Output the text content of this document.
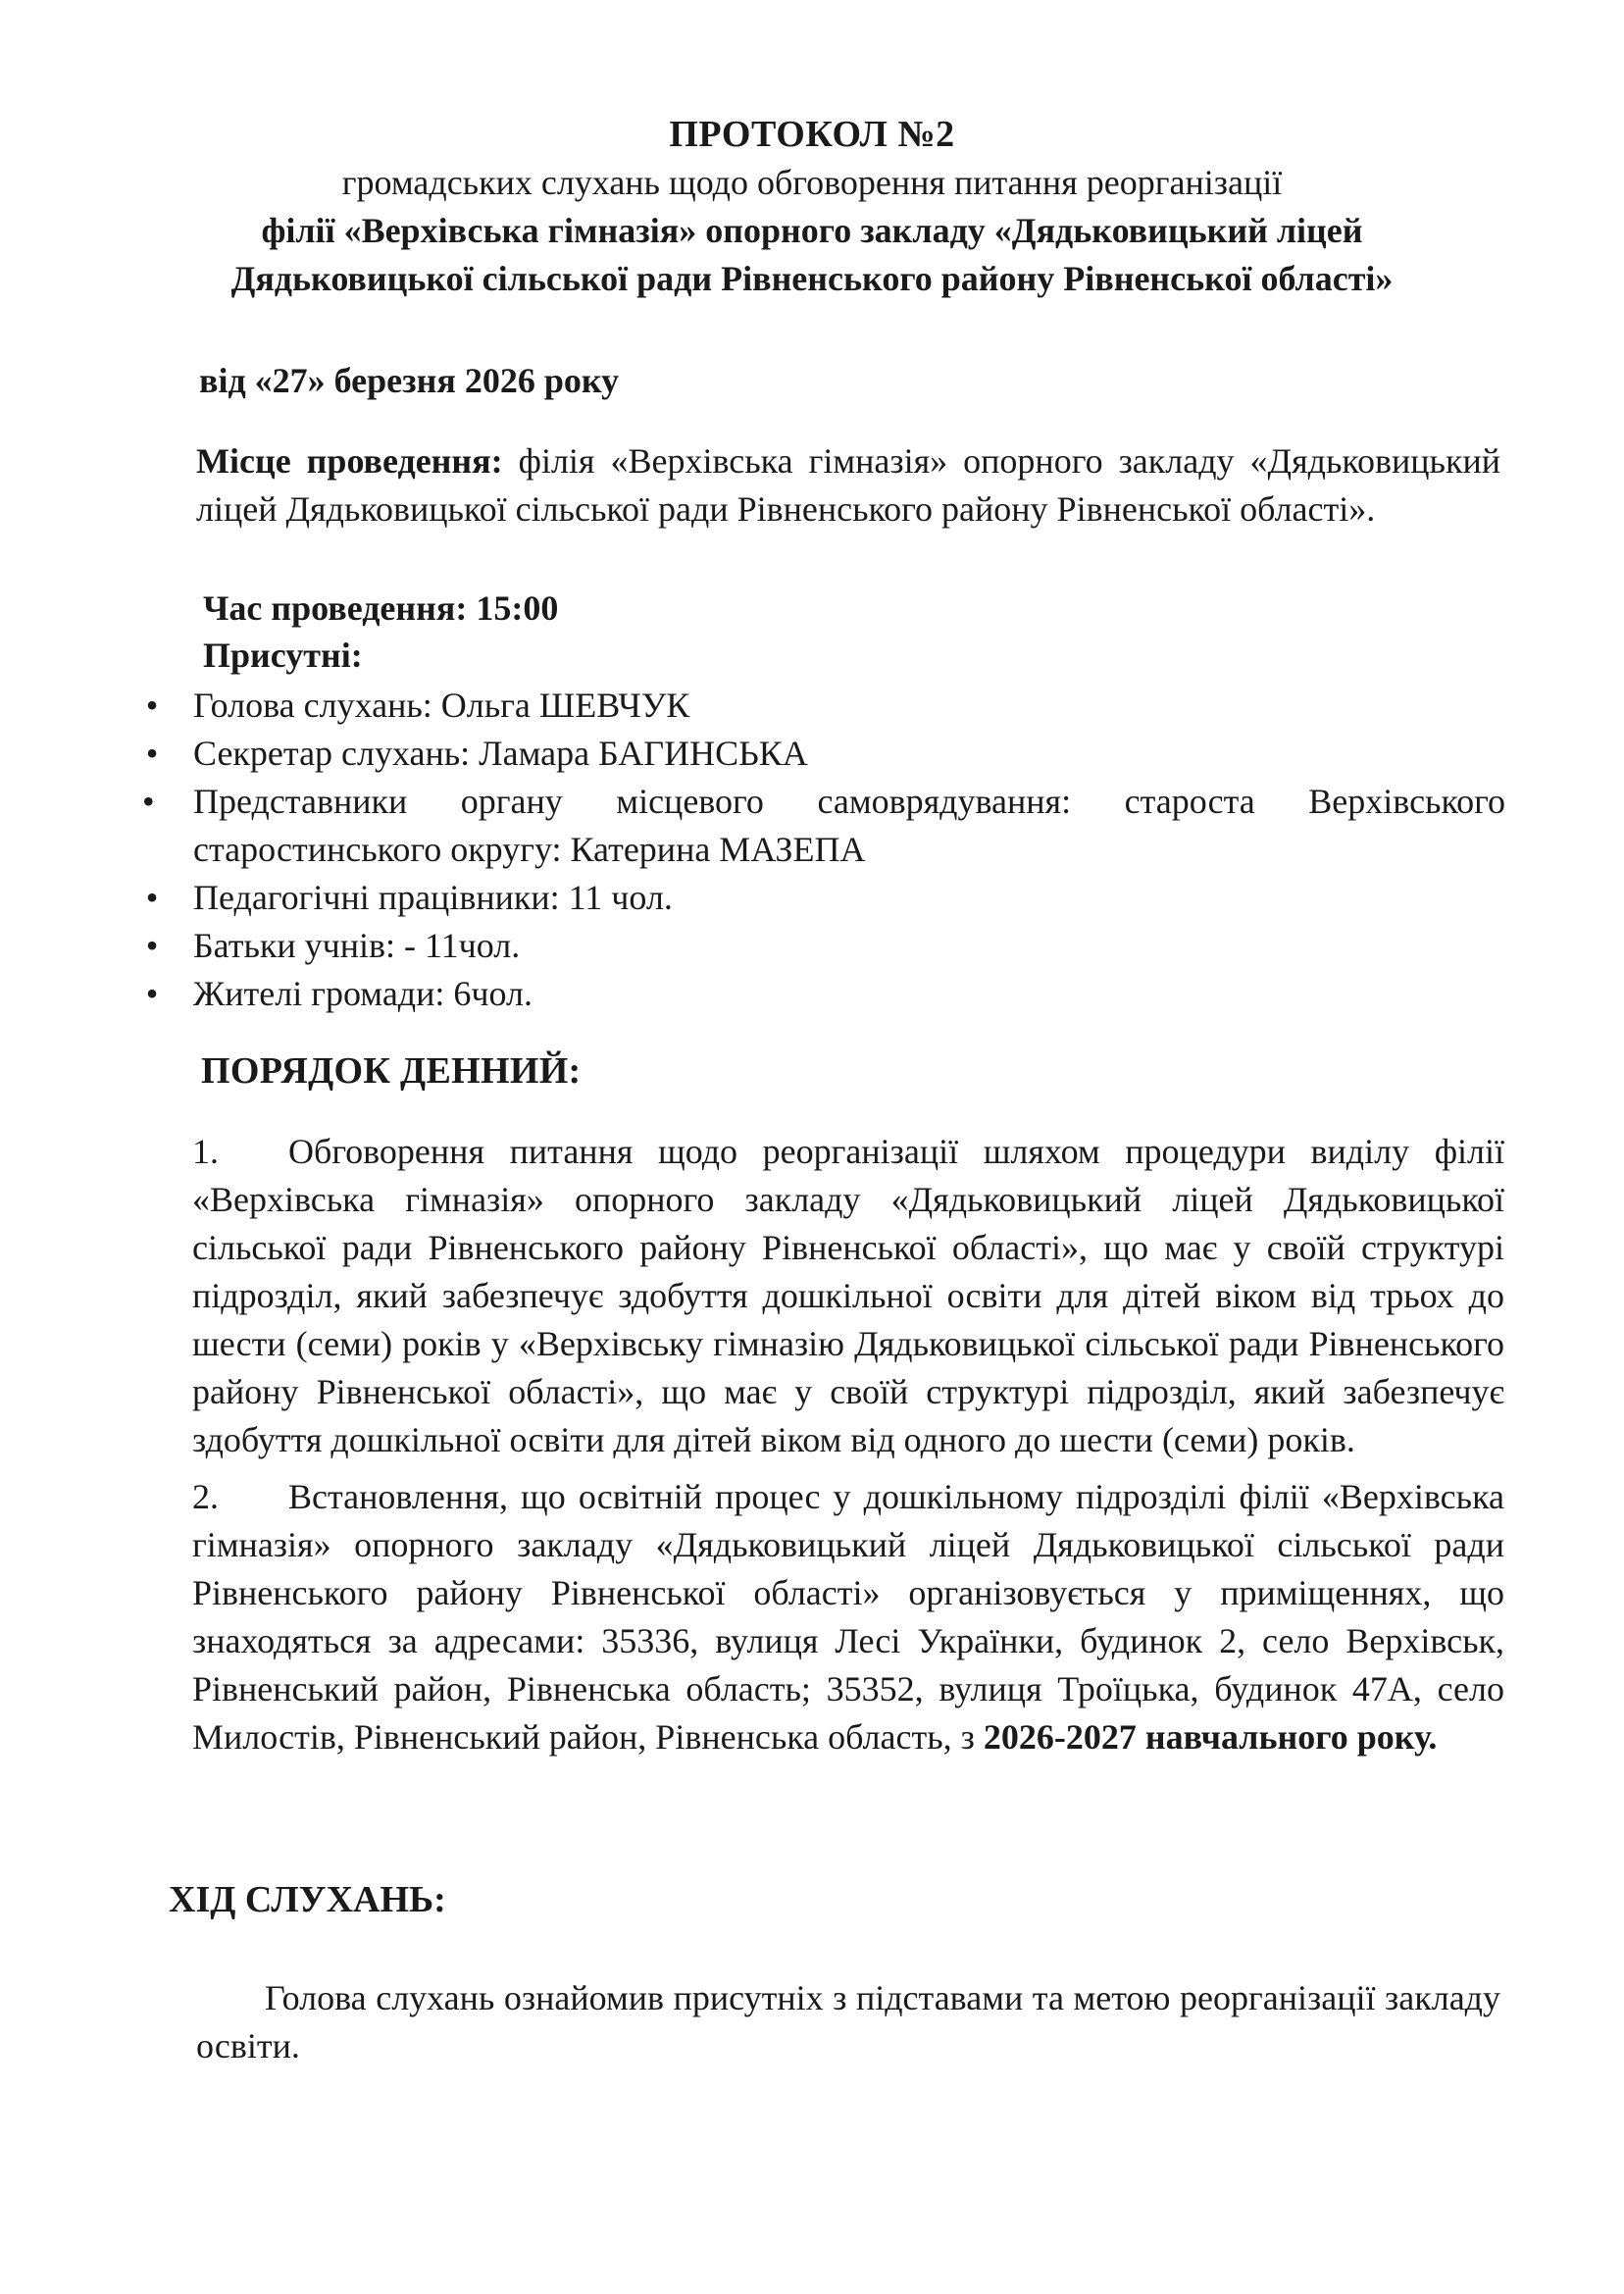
ПРОТОКОЛ №2
громадських слухань щодо обговорення питання реорганізації
філії «Верхівська гімназія» опорного закладу «Дядьковицький ліцей
Дядьковицької сільської ради Рівненського району Рівненської області»
від «27» березня 2026 року
Місце проведення: філія «Верхівська гімназія» опорного закладу «Дядьковицький ліцей Дядьковицької сільської ради Рівненського району Рівненської області».
Час проведення: 15:00
Присутні:
• Голова слухань: Ольга ШЕВЧУК
• Секретар слухань: Ламара БАГИНСЬКА
• Представники органу місцевого самоврядування: староста Верхівського старостинського округу: Катерина МАЗЕПА
• Педагогічні працівники: 11 чол.
• Батьки учнів: - 11чол.
• Жителі громади: 6чол.
ПОРЯДОК ДЕННИЙ:
1. Обговорення питання щодо реорганізації шляхом процедури виділу філії «Верхівська гімназія» опорного закладу «Дядьковицький ліцей Дядьковицької сільської ради Рівненського району Рівненської області», що має у своїй структурі підрозділ, який забезпечує здобуття дошкільної освіти для дітей віком від трьох до шести (семи) років у «Верхівську гімназію Дядьковицької сільської ради Рівненського району Рівненської області», що має у своїй структурі підрозділ, який забезпечує здобуття дошкільної освіти для дітей віком від одного до шести (семи) років.
2. Встановлення, що освітній процес у дошкільному підрозділі філії «Верхівська гімназія» опорного закладу «Дядьковицький ліцей Дядьковицької сільської ради Рівненського району Рівненської області» організовується у приміщеннях, що знаходяться за адресами: 35336, вулиця Лесі Українки, будинок 2, село Верхівськ, Рівненський район, Рівненська область; 35352, вулиця Троїцька, будинок 47А, село Милостів, Рівненський район, Рівненська область, з 2026-2027 навчального року.
ХІД СЛУХАНЬ:
Голова слухань ознайомив присутніх з підставами та метою реорганізації закладу освіти.
